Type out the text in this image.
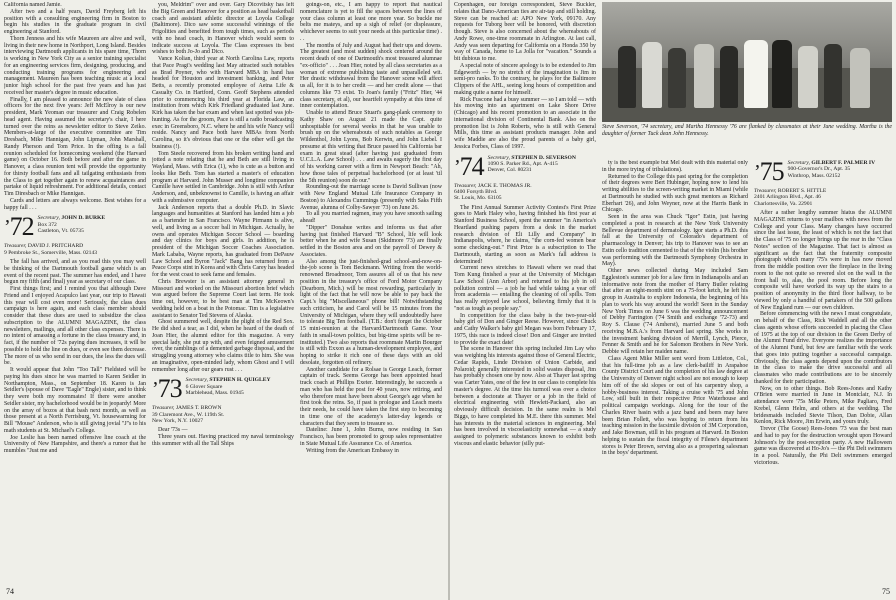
California named Jamie.

After two and a half years, David Freyberg left his position with a consulting engineering firm in Boston to begin his studies in the graduate program in civil engineering at Stanford.

Thorn Jenness and his wife Maureen are alive and well, living in their new home in Northport, Long Island. Besides interviewing Dartmouth applicants in his spare time, Thorn is working in New York City as a senior training specialist for an engineering services firm, designing, producing, and conducting training programs for engineering and management. Maureen has been teaching music at a local junior high school for the past five years and has just received her master's degree in music education.

Finally, I am pleased to announce the new slate of class officers for the next five years: Jeff McElroy is our new president, Mark Yeoman our treasurer and Craig Robelen head agent. Having assumed the secretary's chair, I here turned over the reins as newsletter editor to Steve Zeiko. Members-at-large of the executive committee are Tim Dresbach, Mike Hannigan, John Lipman, John Marshall, Randy Pherson and Tom Price. In the offing is a fall reunion scheduled for homecoming weekend (the Harvard game) on October 16. Both before and after the game in Hanover, a class reunion tent will provide the opportunity for thirsty football fans and all tailgating enthusiasts from the Class to get together again to renew acquaintances and partake of liquid refreshment. For additional details, contact Tim Diresbach or Mike Hannigan.

Cards and letters are always welcome. Best wishes for a happy fall . . .

’72 Secretary, JOHN D. BURKE
Box 372
Castleton, Vt. 05735
Treasurer, DAVID J. PRITCHARD
9 Pembroke St., Somerville, Mass. 02143

The fall has arrived, and as you read this you may well be thinking of the Dartmouth football game which is an event of the recent past. The summer has ended, and I have begun my fifth (and final) year as secretary of our class.

First things first; and I remind you that although Dave Friend and I enjoyed Acapulco last year, our trip to Hawaii this year will cost even more! Seriously, the class dues campaign is here again, and each class member should consider that these dues are used to subsidize the class subscription to the ALUMNI MAGAZINE, the class newsletters, mailings, and all other class expenses. There is no intent of amassing a fortune in the class treasury and, in fact, if the number of '72s paying dues increases, it will be possible to hold the line on dues, or even see them decrease. The more of us who send in our dues, the less the dues will be.

It would appear that John "Too Tall" Fieldsted will be paying his dues since he was married to Karen Seidler in Northampton, Mass., on September 18. Karen is Jan Seidler's (spouse of Dave "Eagle" Engle) sister, and to think they were both my roommates! If there were another Seidler sister, my bachelorhood would be in jeopardy! More on the array of bozos at that bash next month, as well as those present at a North Ferrisburg, Vt. housewarming for Bill "Mouse" Anderson, who is still giving jovial "J"s to his math students at St. Michael's College.

Joe Leslie has been named offensive line coach at the University of New Hampshire, and there's a rumor that he mumbles "Just me and

you, Meldrim" over and over. Gary Dicovitsky has left the Big Green and Hanover for a position as head basketball coach and assistant athletic director at Loyola College (Baltimore). Dico saw some successful winnings of the Frigolities and benefited from tough times, such as periods with no head coach, in Hanover which would seem to indicate success at Loyola. The Class expresses its best wishes to both Jo-Jo and Dico.

Vance Kolian, third year at North Carolina Law, reports that Pace Pragi's wedding last May attracted such notables as Brad Poyner, who with Harvard MBA in hand has headed for Houston and investment banking, and Peter Betts, a recently promoted employee of Aetna Life & Casualty Co. in Hartford, Conn. Geoff Stephens attended prior to commencing his third year at Florida Law, an institution from which Kirk Friedland graduated last June. Kirk has taken the bar exam and when last spotted was job-hunting. As for the groom, Pace is still a radio broadcasting exec in Greensboro, N.C. where he and his wife Nancy will reside. Nancy and Pace both have MBAs from North Carolina, so it's obvious that one or the other will get the business (!).

Tom Steele recovered from his broken writing hand and jotted a note relating that he and Beth are still living in Wayland, Mass. with Erica (1), who is cute as a button and looks like Beth. Tom has started a master's of education program at Harvard. John Musser and longtime companion Camille have settled in Cambridge. John is still with Arthur Anderson, and, unbeknownst to Camille, is having an affair with a submissive computer.

Jack Anderson reports that a double Ph.D. in Slavic languages and humanities at Stanford has landed him a job as a bartender in San Francisco. Wayne Pirmann is alive, well, and living as a soccer ball in Michigan. Actually, he owns and operates Michigan Soccer School — boarding and day clinics for boys and girls. In addition, he is president of the Michigan Soccer Coaches Association. Mark Lababa, Wayne reports, has graduated from DePauw Law School and Byron "Jack" Bang has returned from a Peace Corps stint in Korea and with Chris Carey has headed for the west coast to seek fame and females.

Chris Brewster is an assistant attorney general in Missouri and worked on the Missouri abortion brief which was argued before the Supreme Court last term. He took time out, however, to be best man at Tim McKeown's wedding held on a boat in the Potomac. Tim is a legislative assistant to Senator Ted Stevens of Alaska.

Ghost summered well, despite the plight of the Red Sox. He did shed a tear, as I did, when he heard of the death of Joan Hier, the alumni editor for this magazine. A very special lady, she put up with, and even feigned amusement over, the ramblings of a demented garbage disposal, and the struggling young attorney who claims title to him. She was an imaginative, open-minded lady, whom Ghost and I will remember long after our gears rust . . .

’73 Secretary, STEPHEN H. QUIGLEY
6 Glover Square
Marblehead, Mass. 01945
Treasurer, JAMES T. BROWN
39 Claremont Ave., W. 119th St.
New York, N.Y. 10027

Dear '73s —

Three years out. Having practiced my naval terminology this summer with all the Tall Ships

goings-on, etc., I am happy to report that nautical nomenclature is yet to fill the spaces between the lines of your class column at least one more year. So buckle me belts me mateys, and up a sigh of relief (or displeasure, whichever seems to suit your needs at this particular time) . . .

The months of July and August had their ups and downs. The greatest (and most sudden) shock centered around the recent death of one of Dartmouth's most treasured alumnae "ex-officio" . . . Joan Hier, noted by all class secretaries as a woman of extreme publishing taste and unparalleled wit. Her drastic withdrawal from the Hanover scene will affect us all, for it is to her credit — and her credit alone — that columns like '73 exist. To Joan's family ("Fritz" Hier, '44 class secretary, et al), our heartfelt sympathy at this time of inner contemplation.

Unable to attend Bruce Stuart's gang-plank ceremony to Kathy Shaw on August 21 made the Capt. quite unhospitable for several weeks in that he was unable to brush up on the whereabouts of such notables as George Wildenthol, John Lyons, Bob Kerwin, and John Liebel. I presume at this writing that Bruce passed his California bar exam in great stead (after having just graduated from U.C.L.A. Law School) . . . and awaits eagerly the first day of his working career with a firm in Newport Beach: "Ah, how those tales of perpetual bachelorhood (or at least 'til the 5th reunion) soon do our."

Rounding-out the marriage scene is David Sullivan (now with New England Mutual Life Insurance Company in Boston) to Alexandra Cummings (presently with Saks Fifth Avenue, alumna of Colby-Sawyer '73) on June 26.

To all you married ragmen, may you have smooth sailing ahead!

"Dipper" Donahue writes and informs us that after having just finished Harvard "B" School, life will look better when he and wife Susan (Skidmore '73) are finally settled in the Boston area and on the payroll of Dewey & Associates.

Also among the just-finished-grad school-and-now-on-the-job scene is Tom Beckmann. Writing from the world-renowned Broadmoor, Tom assures all of us that his new position in the treasury's office of Ford Motor Company (Dearborn, Mich.) will be most rewarding, particularly in light of the fact that he will now be able to pay back the Capt.'s big "Miscellaneous" phone bill! Notwithstanding such criticism, he and Carol will be 15 minutes from the University of Michigan, where they will undoubtedly have to tolerate Big Ten football. (T.B.: don't forget the October 15 mini-reunion at the Harvard/Dartmouth Game. Your faith in small-town politics, but big-time spirits will be re-instituted.) Two also reports that roommate Martin Bourger is still with Exxon as a human-development employee, and hoping to strike it rich one of these days with an old desolate, forgotten oil refinery.

Another candidate for a Rolsae is George Leach, former captain of track. Seems George has been appointed head track coach at Phillips Exeter. Interestingly, he succeeds a man who has held the post for 40 years, now retiring, and who therefore must have been about George's age when he first took the reins. So, if past is prologue and Leach meets their needs, he could have taken the first step to becoming in time one of the academy's latter-day legends or characters that they seem to treasure so.

Dateline: June 1, John Burns, now residing in San Francisco, has been promoted to group sales representative in State Mutual Life Assurance Co. of America.

Writing from the American Embassy in

74

Copenhagen, our foreign correspondent, Steve Buckler, relates that Dano-American ties are air-tap and still holding. Steve can be reached at: APO New York, 09170. Any requests for Tuborg beer will be honored, with discretion though. Steve is also concerned about the whereabouts of Andy Rowe, one-time roommate in Arlington. At last call, Andy was seen departing for California on a Honda 350 by way of Canada, home to La Jolla for "vacation." Sounds a bit dubious to me.

A special note of sincere apology is to be extended to Jim Edgeworth — by no stretch of the imagination is Jim in semi-pro ranks. To the contrary, he plays for the Baltimore Clippers of the AHL, seeing long hours of competition and making quite a name for himself.

Rick Fuscone had a busy summer — so I am told — with his moving into an apartment on Lake Shore Drive (Chicago) and his recent promotion to an associate in the international division of Continental Bank. Also on the promotion list is John Roberts, who is still with General Mills, this time as assistant products manager. John and wife Maddie are also the proud parents of a baby girl, Jessica Forbes, Class of 1997.

’74 Secretary, STEPHEN D. SEVERSON
1090 S. Parker Rd., Apt. A-415
Denver, Col. 80231
Treasurer, JACK E. THOMAS JR.
6400 Forsyth Blvd.
St. Louis, Mo. 63105

The First Annual Summer Activity Contest's First Prize goes to Mark Haley who, having finished his first year at Stanford Business School, spent the summer "in America's Heartland pushing papers from a desk in the market research division of Eli Lilly and Company" in Indianapolis, where, he claims, "the corn-fed women bear some checking-out." First Prize is a subscription to The Dartmouth, starting as soon as Mark's fall address is determined!

Current news stretches to Hawaii where we read that Tom Kung finished a year at the University of Michigan Law School (Ann Arbor) and returned to his job in oil pollution control — a job he had while taking a year off from academia — entailing the cleaning of oil spills. Tom has really enjoyed law school, believing firmly that it is "not as tough as people say."

In competition for the class baby is the two-year-old baby girl of Don and Ginger Reese. However, since Chuck and Cathy Walker's baby girl Megan was born February 17, 1975, this race is indeed close! Don and Ginger are invited to provide the exact date!

The scene in Hanover this spring included Jim Lay who was weighing his interests against those of General Electric, Cedar Rapids, Linde Division of Union Carbide, and Polaroid; generally interested in solid wastes disposal, Jim has probably chosen one by now. Also at Thayer last spring was Carter Yates, one of the few in our class to complete his master's degree. At the time his turmoil was over a choice between a doctorate at Thayer or a job in the field of electrical engineering with Hewlett-Packard, also an obviously difficult decision. In the same realm is Mel Biggs, to have completed his M.E. there this summer. Mel has interests in the material sciences in engineering. Mel has been involved in viscoelasticity somewhat — a study assigned to polymeric substances known to exhibit both viscous and elastic behavior (silly put-

ty is the best example but Mel dealt with this material only in the more trying of tribulations).

Returned to the College this past spring for the completion of their degrees were Bert Hubinger, hoping now to lend his writing abilities to the screen-writing market in Miami (while at Dartmouth he studied with such great mentors as Richard Eberhart '26), and John Weyner, now at the Harris Bank in Chicago.

Seen in the area was Chuck "Igor" Estin, just having completed a post in research at the New York University Bellevue department of dermatology. Igor starts a Ph.D. this fall at the University of Colorado's department of pharmacology in Denver; his trip to Hanover was to see an Estin cello tradition cemented to that of the violin (his brother was performing with the Dartmouth Symphony Orchestra in May).

Other news collected during May included Sam Eggleston's summer job for a law firm in Indianapolis and an informative note from the mother of Harry Butler relating that after an eight-month stint on a 75-foot ketch, he left his group in Australia to explore Indonesia, the beginning of his plan to work his way around the world! Seen in the Sunday New York Times on June 6 was the wedding announcement of Debby Farrington ('74 Smith and exchange '72-73) and Roy S. Clause ('74 Amherst), married June 5 and both receiving M.B.A.'s from Harvard last spring. She works in the investment banking division of Merrill, Lynch, Pierce, Fenner & Smith and he for Salomon Brothers in New York. Debbie will retain her maiden name.

Class Agent Mike Miller sent word from Littleton, Col., that his full-time job as a law clerk-bailiff in Arapahoe County District Court and the completion of his law degree at the University of Denver night school are not enough to keep him off of the ski slopes or out of his carpentry shop, a hobby-business interest. Taking a cruise with '75 and John Low, still built in their respective Price Waterhouse and political campaign workings. Along for the tour of the Charles River basin with a jazz band and beers may have been Brian Follett, who was hoping to return from his teaching mission in the facsimile division of 3M Corporation, and Jake Bowman, still in his program at Harvard. In Boston helping to sustain the fiscal integrity of Filene's department stores is Peter Brown, serving also as a prospering salesman in the boys' department.

’75 Secretary, GILBERT F. PALMER IV
900-Governor's Dr., Apt. 35
Winthrop, Mass. 02152
Treasurer, ROBERT S. HITTLE
2401 Arlington Blvd., Apt. 46
Charlottesville, Va. 22901

After a rather lengthy summer hiatus the ALUMNI MAGAZINE returns to your mailbox with news from the College and your Class. Many changes have occurred since the last issue, the least of which is not the fact that the Class of '75 no longer brings up the rear in the "Class Notes" section of the Magazine. That fact is almost as significant as the fact that the fraternity composite photograph which many '75's were in has now moved from the middle position over the fireplace in the living room to the not quite so revered slot on the wall in the front hall to, alas, the pool room. Before long the composite will have worked its way up the stairs to a position of anonymity in the third floor hallway, to be viewed by only a handful of partakers of the 500 gallons of New England rum — our own children.

Before commencing with the news I must congratulate, on behalf of the Class, Rick Waddell and all the other class agents whose efforts succeeded in placing the Class of 1975 at the top of our division in the Green Derby of the Alumni Fund drive. Everyone realizes the importance of the Alumni Fund, but few are familiar with the work that goes into putting together a successful campaign. Obviously, the class agents depend upon the contributors in the class to make the drive successful and all classmates who made contributions are to be sincerely thanked for their participation.

Now, on to other things. Bob Rees-Jones and Kathy O'Brien were married in June in Montclair, N.J. In attendance were '75s Mike Peters, Mike Pagliaro, Fred Krebel, Glenn Helm, and others at the wedding. The bridesmaids included Stevie Tilson, Dan Dobie, Allan Kenlon, Rick Moore, Jim Erwin, and yours truly.

Trevor (The Goose) Rees-Jones '73 was the best man and had to pay for the destruction wrought upon Howard Johnson's by the post-reception party. A new Halloween game was discovered at Ho-Jo's — the Phi Delt swimmers in a pool. Naturally, the Phi Delt swimmers emerged victorious.

Steve Severson, '74 secretary, and Martha Hennessy '76 are flanked by classmates at their June wedding. Martha is the daughter of former Tuck dean John Hennessy.
75
